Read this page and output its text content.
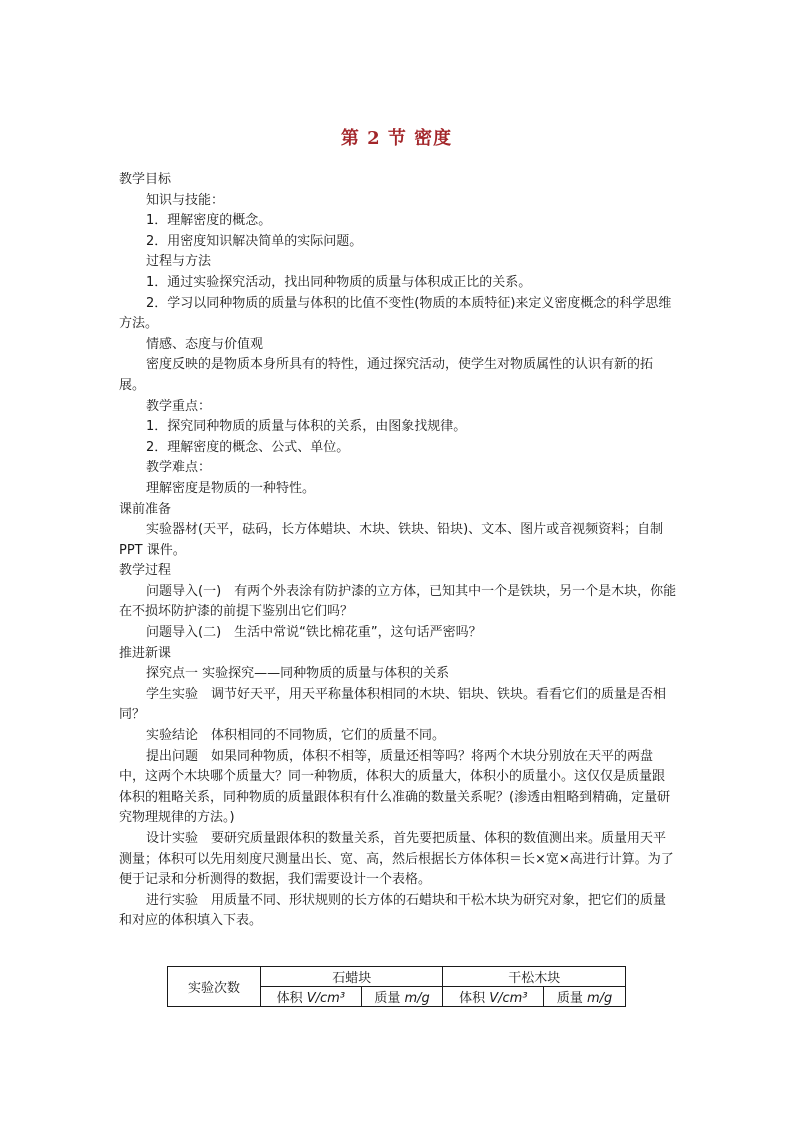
第 2 节 密度
教学目标
知识与技能：
1．理解密度的概念。
2．用密度知识解决简单的实际问题。
过程与方法
1．通过实验探究活动，找出同种物质的质量与体积成正比的关系。
2．学习以同种物质的质量与体积的比值不变性(物质的本质特征)来定义密度概念的科学思维方法。
情感、态度与价值观
密度反映的是物质本身所具有的特性，通过探究活动，使学生对物质属性的认识有新的拓展。
教学重点：
1．探究同种物质的质量与体积的关系，由图象找规律。
2．理解密度的概念、公式、单位。
教学难点：
理解密度是物质的一种特性。
课前准备
实验器材(天平，砝码，长方体蜡块、木块、铁块、铅块)、文本、图片或音视频资料；自制 PPT 课件。
教学过程
问题导入(一)　有两个外表涂有防护漆的立方体，已知其中一个是铁块，另一个是木块，你能在不损坏防护漆的前提下鉴别出它们吗？
问题导入(二)　生活中常说“铁比棉花重”，这句话严密吗？
推进新课
探究点一 实验探究——同种物质的质量与体积的关系
学生实验　调节好天平，用天平称量体积相同的木块、铝块、铁块。看看它们的质量是否相同？
实验结论　体积相同的不同物质，它们的质量不同。
提出问题　如果同种物质，体积不相等，质量还相等吗？将两个木块分别放在天平的两盘中，这两个木块哪个质量大？同一种物质，体积大的质量大，体积小的质量小。这仅仅是质量跟体积的粗略关系，同种物质的质量跟体积有什么准确的数量关系呢？(渗透由粗略到精确，定量研究物理规律的方法。)
设计实验　要研究质量跟体积的数量关系，首先要把质量、体积的数值测出来。质量用天平测量；体积可以先用刻度尺测量出长、宽、高，然后根据长方体体积＝长×宽×高进行计算。为了便于记录和分析测得的数据，我们需要设计一个表格。
进行实验　用质量不同、形状规则的长方体的石蜡块和干松木块为研究对象，把它们的质量和对应的体积填入下表。
实验次数	石蜡块		干松木块	
	体积 V/cm³	质量 m/g	体积 V/cm³	质量 m/g
